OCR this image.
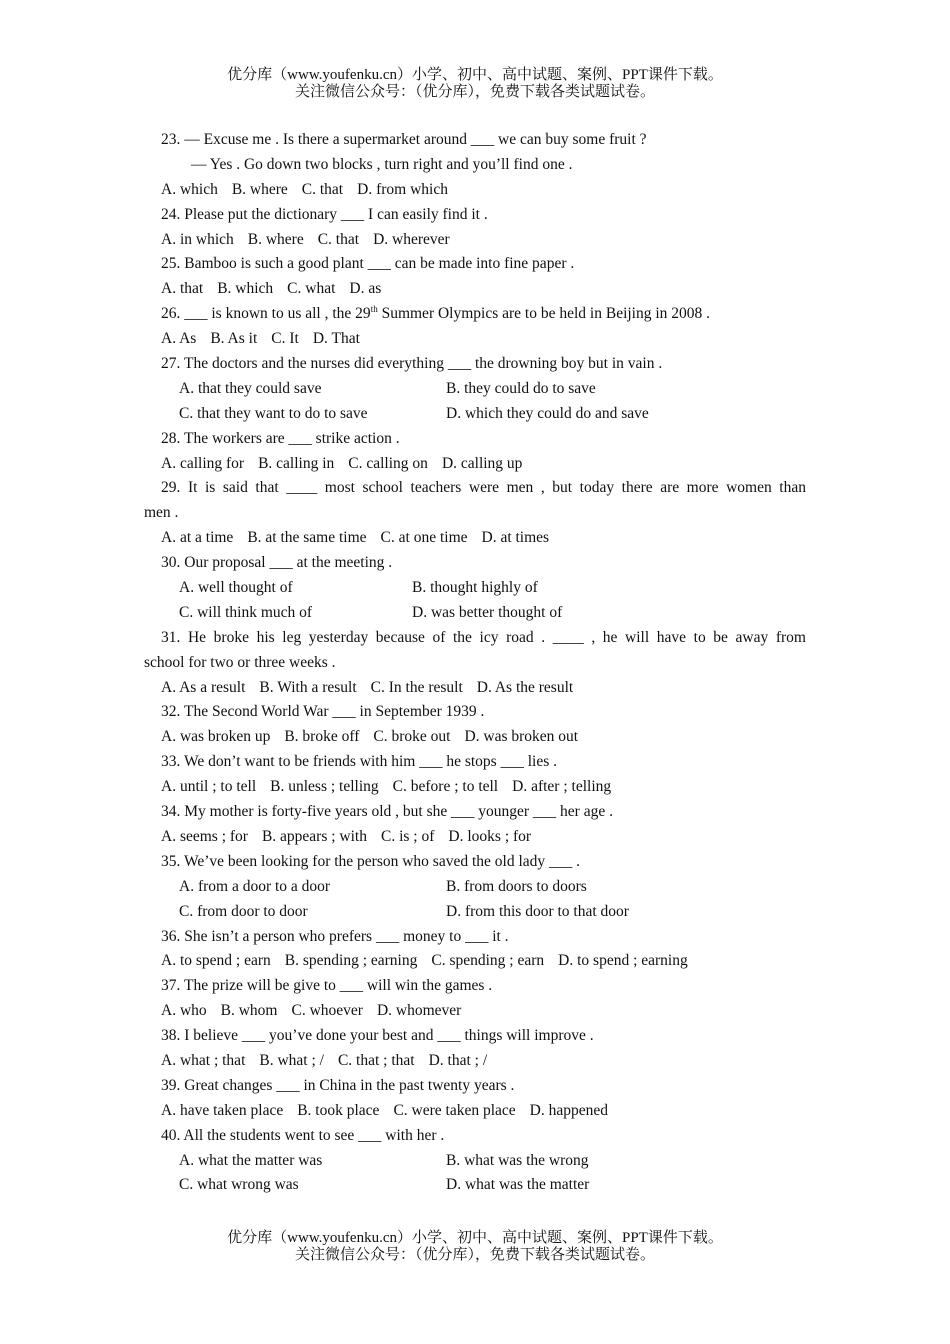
优分库（www.youfenku.cn）小学、初中、高中试题、案例、PPT课件下载。
关注微信公众号：（优分库），免费下载各类试题试卷。
23. — Excuse me . Is there a supermarket around ___ we can buy some fruit ?
— Yes . Go down two blocks , turn right and you’ll find one .
A. which B. where C. that D. from which
24. Please put the dictionary ___ I can easily find it .
A. in which B. where C. that D. wherever
25. Bamboo is such a good plant ___ can be made into fine paper .
A. that B. which C. what D. as
26. ___ is known to us all , the 29th Summer Olympics are to be held in Beijing in 2008 .
A. As B. As it C. It D. That
27. The doctors and the nurses did everything ___ the drowning boy but in vain .
A. that they could save	B. they could do to save
C. that they want to do to save	D. which they could do and save
28. The workers are ___ strike action .
A. calling for B. calling in C. calling on D. calling up
29. It is said that ____ most school teachers were men , but today there are more women than
men .
A. at a time B. at the same time C. at one time D. at times
30. Our proposal ___ at the meeting .
A. well thought of	B. thought highly of
C. will think much of	D. was better thought of
31. He broke his leg yesterday because of the icy road . ____ , he will have to be away from
school for two or three weeks .
A. As a result B. With a result C. In the result D. As the result
32. The Second World War ___ in September 1939 .
A. was broken up B. broke off C. broke out D. was broken out
33. We don’t want to be friends with him ___ he stops ___ lies .
A. until ; to tell B. unless ; telling C. before ; to tell D. after ; telling
34. My mother is forty-five years old , but she ___ younger ___ her age .
A. seems ; for B. appears ; with C. is ; of D. looks ; for
35. We’ve been looking for the person who saved the old lady ___ .
A. from a door to a door	B. from doors to doors
C. from door to door	D. from this door to that door
36. She isn’t a person who prefers ___ money to ___ it .
A. to spend ; earn B. spending ; earning C. spending ; earn D. to spend ; earning
37. The prize will be give to ___ will win the games .
A. who B. whom C. whoever D. whomever
38. I believe ___ you’ve done your best and ___ things will improve .
A. what ; that B. what ; / C. that ; that D. that ; /
39. Great changes ___ in China in the past twenty years .
A. have taken place B. took place C. were taken place D. happened
40. All the students went to see ___ with her .
A. what the matter was	B. what was the wrong
C. what wrong was	D. what was the matter
优分库（www.youfenku.cn）小学、初中、高中试题、案例、PPT课件下载。
关注微信公众号：（优分库），免费下载各类试题试卷。
